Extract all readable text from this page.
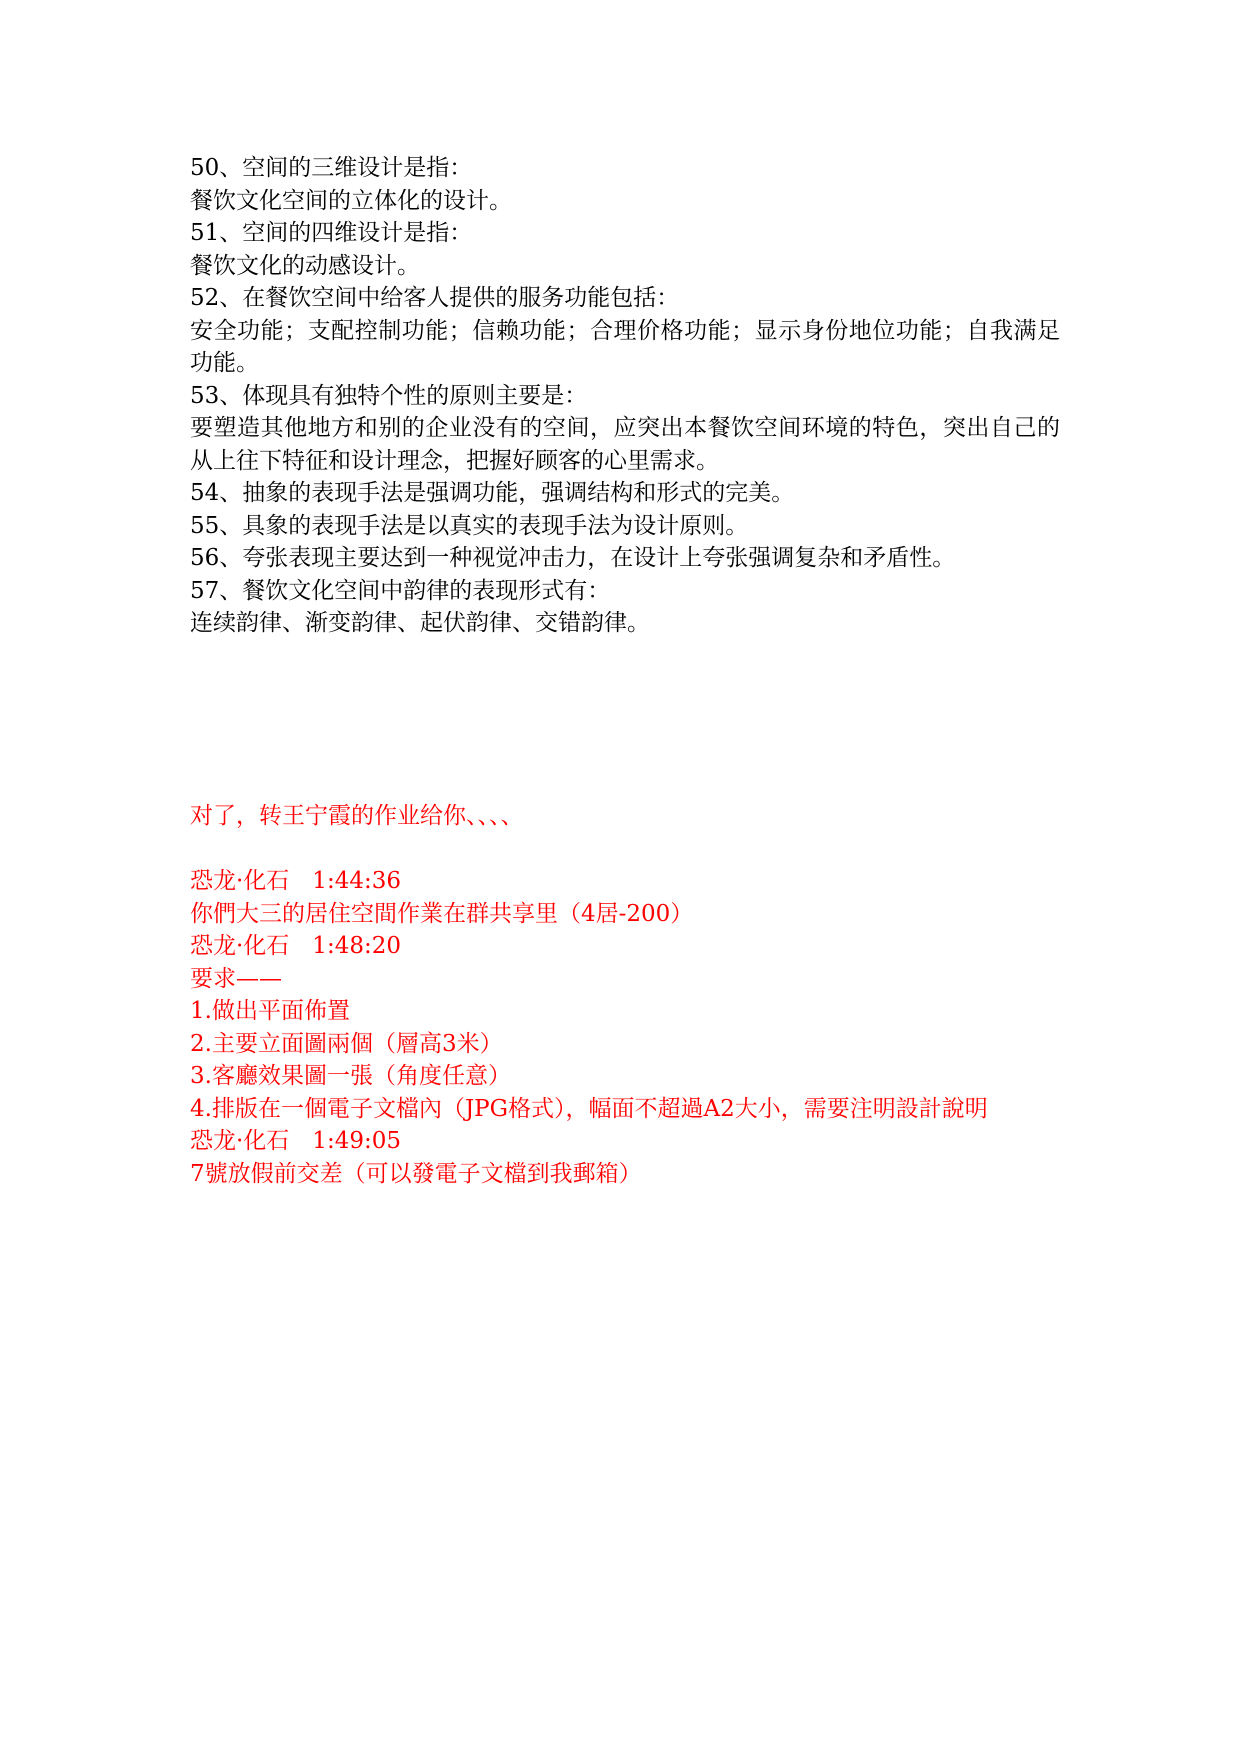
50、空间的三维设计是指：
餐饮文化空间的立体化的设计。
51、空间的四维设计是指：
餐饮文化的动感设计。
52、在餐饮空间中给客人提供的服务功能包括：
安全功能；支配控制功能；信赖功能；合理价格功能；显示身份地位功能；自我满足功能。
53、体现具有独特个性的原则主要是：
要塑造其他地方和别的企业没有的空间，应突出本餐饮空间环境的特色，突出自己的从上往下特征和设计理念，把握好顾客的心里需求。
54、抽象的表现手法是强调功能，强调结构和形式的完美。
55、具象的表现手法是以真实的表现手法为设计原则。
56、夸张表现主要达到一种视觉冲击力，在设计上夸张强调复杂和矛盾性。
57、餐饮文化空间中韵律的表现形式有：
连续韵律、渐变韵律、起伏韵律、交错韵律。
对了，转王宁霞的作业给你、、、、
恐龙·化石　1:44:36
你們大三的居住空間作業在群共享里（4居-200）
恐龙·化石　1:48:20
要求——
1.做出平面佈置
2.主要立面圖兩個（層高3米）
3.客廳效果圖一張（角度任意）
4.排版在一個電子文檔內（JPG格式），幅面不超過A2大小，需要注明設計說明
恐龙·化石　1:49:05
7號放假前交差（可以發電子文檔到我郵箱）
